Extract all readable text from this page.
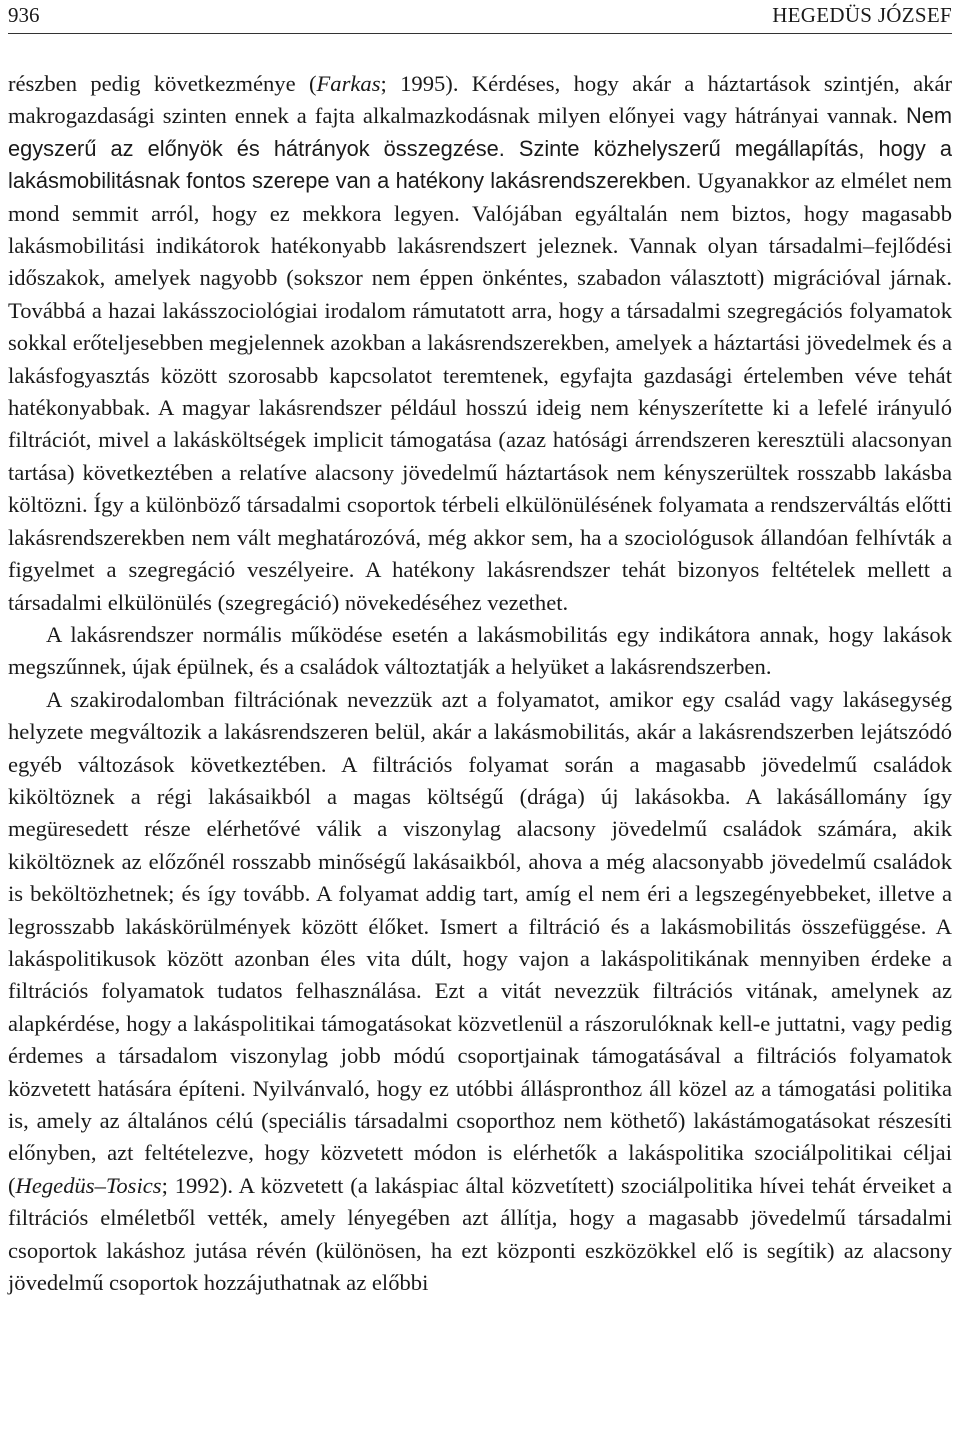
936	HEGEDÜS JÓZSEF

részben pedig következménye (Farkas; 1995). Kérdéses, hogy akár a háztartások szintjén, akár makrogazdasági szinten ennek a fajta alkalmazkodásnak milyen előnyei vagy hátrányai vannak. Nem egyszerű az előnyök és hátrányok összegzése. Szinte közhelyszerű megállapítás, hogy a lakásmobilitásnak fontos szerepe van a hatékony lakásrendszerekben. Ugyanakkor az elmélet nem mond semmit arról, hogy ez mekkora legyen. Valójában egyáltalán nem biztos, hogy magasabb lakásmobilitási indikátorok hatékonyabb lakásrendszert jeleznek. Vannak olyan társadalmi–fejlődési időszakok, amelyek nagyobb (sokszor nem éppen önkéntes, szabadon választott) migrációval járnak. Továbbá a hazai lakásszociológiai irodalom rámutatott arra, hogy a társadalmi szegregációs folyamatok sokkal erőteljesebben megjelennek azokban a lakásrendszerekben, amelyek a háztartási jövedelmek és a lakásfogyasztás között szorosabb kapcsolatot teremtenek, egyfajta gazdasági értelemben véve tehát hatékonyabbak. A magyar lakásrendszer például hosszú ideig nem kényszerítette ki a lefelé irányuló filtrációt, mivel a lakásköltségek implicit támogatása (azaz hatósági árrendszeren keresztüli alacsonyan tartása) következtében a relatíve alacsony jövedelmű háztartások nem kényszerültek rosszabb lakásba költözni. Így a különböző társadalmi csoportok térbeli elkülönülésének folyamata a rendszerváltás előtti lakásrendszerekben nem vált meghatározóvá, még akkor sem, ha a szociológusok állandóan felhívták a figyelmet a szegregáció veszélyeire. A hatékony lakásrendszer tehát bizonyos feltételek mellett a társadalmi elkülönülés (szegregáció) növekedéséhez vezethet.

A lakásrendszer normális működése esetén a lakásmobilitás egy indikátora annak, hogy lakások megszűnnek, újak épülnek, és a családok változtatják a helyüket a lakásrendszerben.

A szakirodalomban filtrációnak nevezzük azt a folyamatot, amikor egy család vagy lakásegység helyzete megváltozik a lakásrendszeren belül, akár a lakásmobilitás, akár a lakásrendszerben lejátszódó egyéb változások következtében. A filtrációs folyamat során a magasabb jövedelmű családok kiköltöznek a régi lakásaikból a magas költségű (drága) új lakásokba. A lakásállomány így megüresedett része elérhetővé válik a viszonylag alacsony jövedelmű családok számára, akik kiköltöznek az előzőnél rosszabb minőségű lakásaikból, ahova a még alacsonyabb jövedelmű családok is beköltözhetnek; és így tovább. A folyamat addig tart, amíg el nem éri a legszegényebbeket, illetve a legrosszabb lakáskörülmények között élőket. Ismert a filtráció és a lakásmobilitás összefüggése. A lakáspolitikusok között azonban éles vita dúlt, hogy vajon a lakáspolitikának mennyiben érdeke a filtrációs folyamatok tudatos felhasználása. Ezt a vitát nevezzük filtrációs vitának, amelynek az alapkérdése, hogy a lakáspolitikai támogatásokat közvetlenül a rászorulóknak kell-e juttatni, vagy pedig érdemes a társadalom viszonylag jobb módú csoportjainak támogatásával a filtrációs folyamatok közvetett hatására építeni. Nyilvánvaló, hogy ez utóbbi álláspronthoz áll közel az a támogatási politika is, amely az általános célú (speciális társadalmi csoporthoz nem köthető) lakástámogatásokat részesíti előnyben, azt feltételezve, hogy közvetett módon is elérhetők a lakáspolitika szociálpolitikai céljai (Hegedüs–Tosics; 1992). A közvetett (a lakáspiac által közvetített) szociálpolitika hívei tehát érveiket a filtrációs elméletből vették, amely lényegében azt állítja, hogy a magasabb jövedelmű társadalmi csoportok lakáshoz jutása révén (különösen, ha ezt központi eszközökkel elő is segítik) az alacsony jövedelmű csoportok hozzájuthatnak az előbbi
